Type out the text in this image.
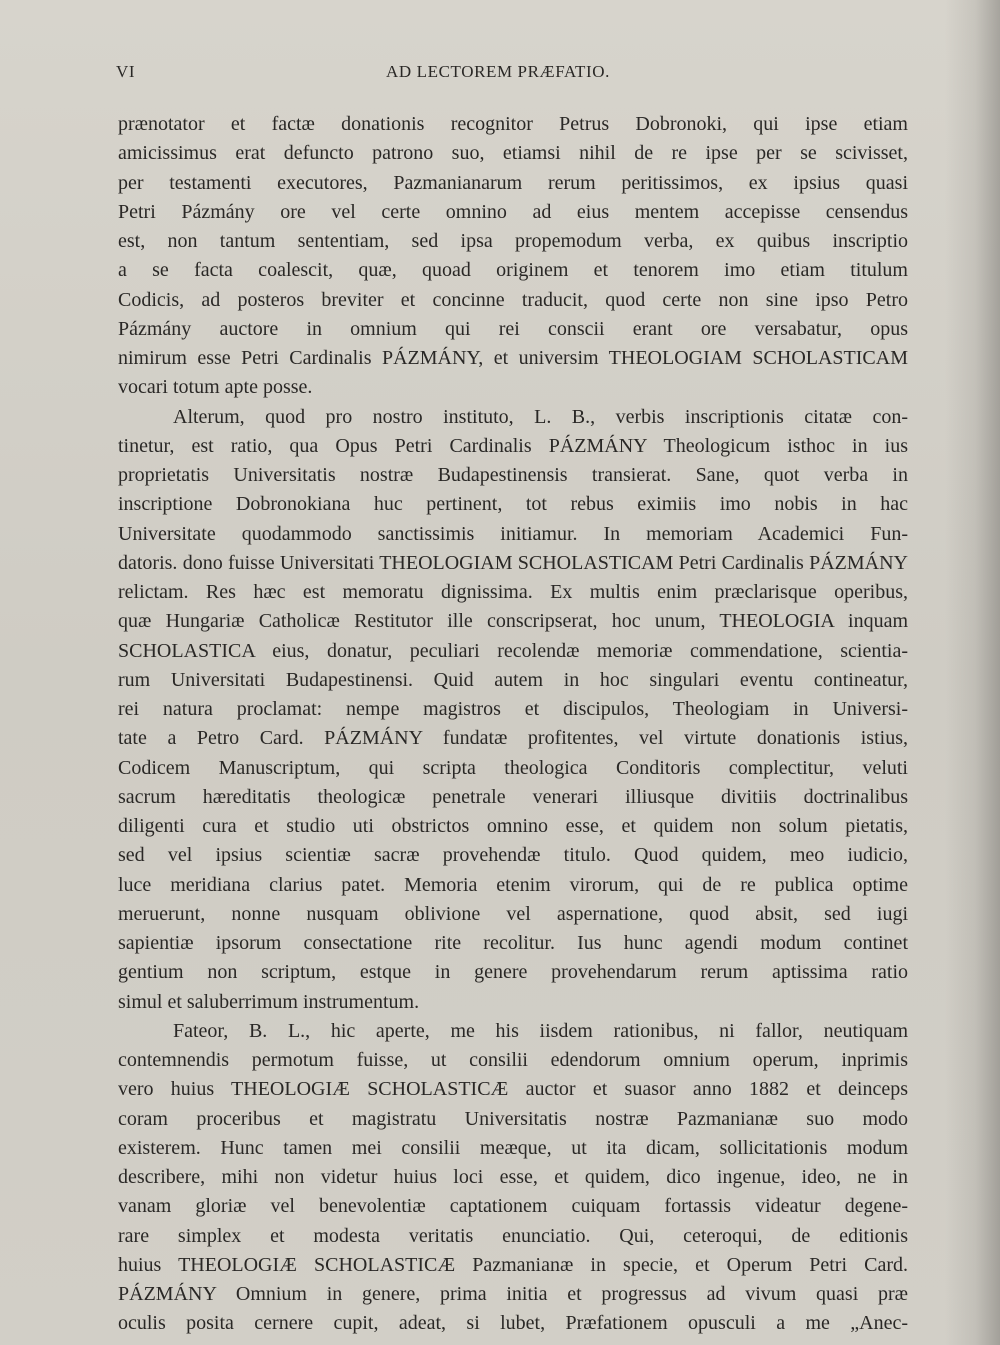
VI	AD LECTOREM PRÆFATIO.
prænotator et factæ donationis recognitor Petrus Dobronoki, qui ipse etiam
amicissimus erat defuncto patrono suo, etiamsi nihil de re ipse per se scivisset,
per testamenti executores, Pazmanianarum rerum peritissimos, ex ipsius quasi
Petri Pázmány ore vel certe omnino ad eius mentem accepisse censendus
est, non tantum sententiam, sed ipsa propemodum verba, ex quibus inscriptio
a se facta coalescit, quæ, quoad originem et tenorem imo etiam titulum
Codicis, ad posteros breviter et concinne traducit, quod certe non sine ipso Petro
Pázmány auctore in omnium qui rei conscii erant ore versabatur, opus
nimirum esse Petri Cardinalis PÁZMÁNY, et universim THEOLOGIAM SCHOLASTICAM
vocari totum apte posse.
Alterum, quod pro nostro instituto, L. B., verbis inscriptionis citatæ con-
tinetur, est ratio, qua Opus Petri Cardinalis PÁZMÁNY Theologicum isthoc in ius
proprietatis Universitatis nostræ Budapestinensis transierat. Sane, quot verba in
inscriptione Dobronokiana huc pertinent, tot rebus eximiis imo nobis in hac
Universitate quodammodo sanctissimis initiamur. In memoriam Academici Fun-
datoris. dono fuisse Universitati THEOLOGIAM SCHOLASTICAM Petri Cardinalis PÁZMÁNY
relictam. Res hæc est memoratu dignissima. Ex multis enim præclarisque operibus,
quæ Hungariæ Catholicæ Restitutor ille conscripserat, hoc unum, THEOLOGIA inquam
SCHOLASTICA eius, donatur, peculiari recolendæ memoriæ commendatione, scientia-
rum Universitati Budapestinensi. Quid autem in hoc singulari eventu contineatur,
rei natura proclamat: nempe magistros et discipulos, Theologiam in Universi-
tate a Petro Card. PÁZMÁNY fundatæ profitentes, vel virtute donationis istius,
Codicem Manuscriptum, qui scripta theologica Conditoris complectitur, veluti
sacrum hæreditatis theologicæ penetrale venerari illiusque divitiis doctrinalibus
diligenti cura et studio uti obstrictos omnino esse, et quidem non solum pietatis,
sed vel ipsius scientiæ sacræ provehendæ titulo. Quod quidem, meo iudicio,
luce meridiana clarius patet. Memoria etenim virorum, qui de re publica optime
meruerunt, nonne nusquam oblivione vel aspernatione, quod absit, sed iugi
sapientiæ ipsorum consectatione rite recolitur. Ius hunc agendi modum continet
gentium non scriptum, estque in genere provehendarum rerum aptissima ratio
simul et saluberrimum instrumentum.
Fateor, B. L., hic aperte, me his iisdem rationibus, ni fallor, neutiquam
contemnendis permotum fuisse, ut consilii edendorum omnium operum, inprimis
vero huius THEOLOGIÆ SCHOLASTICÆ auctor et suasor anno 1882 et deinceps
coram proceribus et magistratu Universitatis nostræ Pazmanianæ suo modo
existerem. Hunc tamen mei consilii meæque, ut ita dicam, sollicitationis modum
describere, mihi non videtur huius loci esse, et quidem, dico ingenue, ideo, ne in
vanam gloriæ vel benevolentiæ captationem cuiquam fortassis videatur degene-
rare simplex et modesta veritatis enunciatio. Qui, ceteroqui, de editionis
huius THEOLOGIÆ SCHOLASTICÆ Pazmanianæ in specie, et Operum Petri Card.
PÁZMÁNY Omnium in genere, prima initia et progressus ad vivum quasi præ
oculis posita cernere cupit, adeat, si lubet, Præfationem opusculi a me „Anec-
